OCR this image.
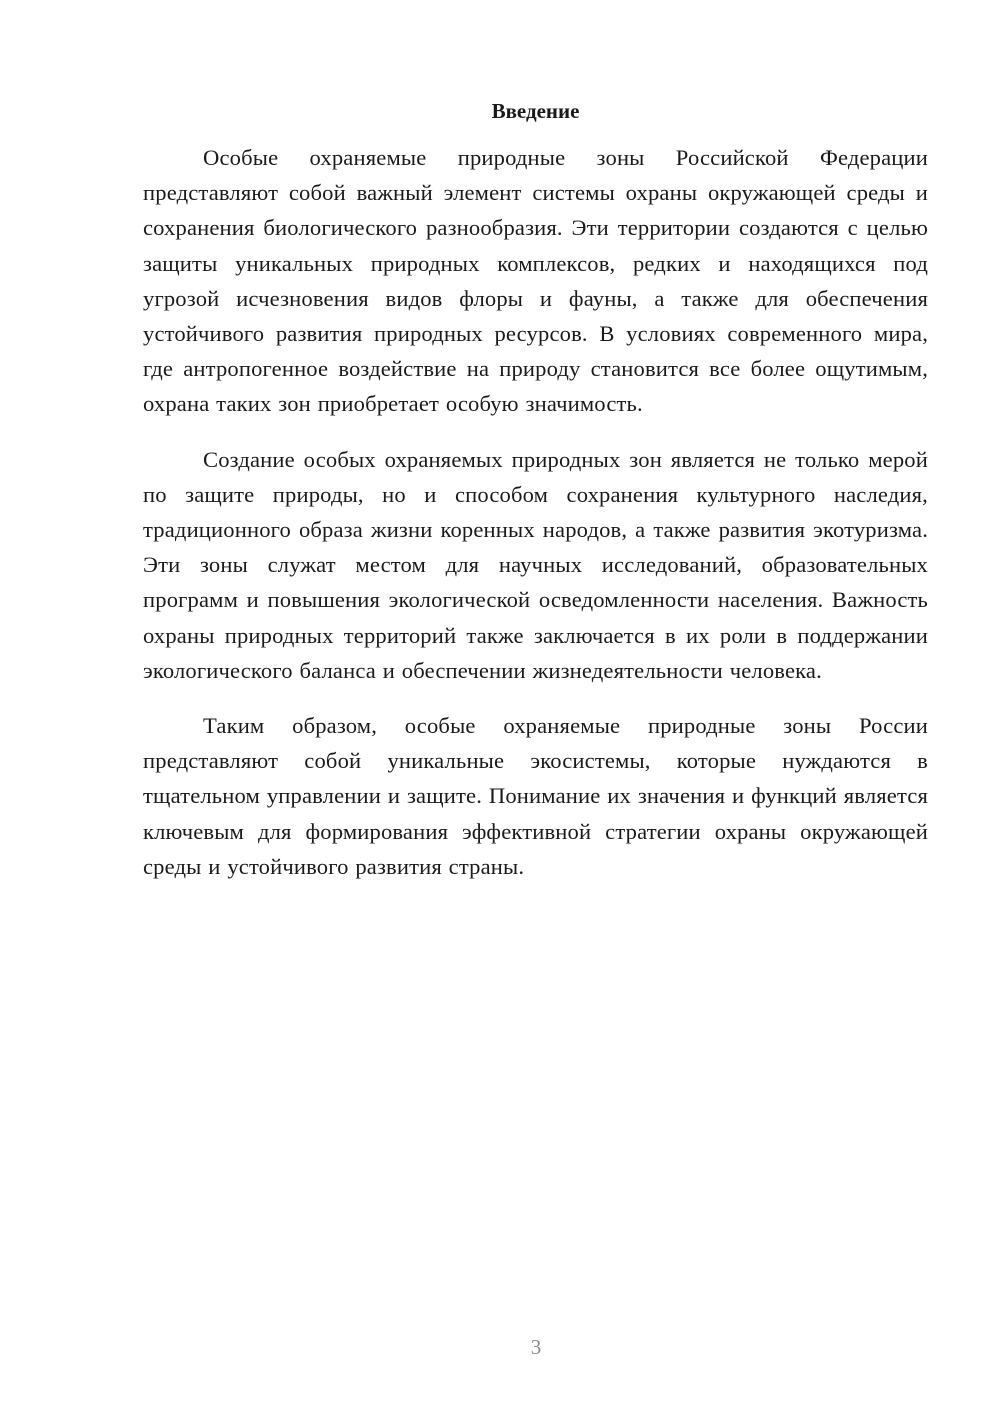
Введение

Особые охраняемые природные зоны Российской Федерации представляют собой важный элемент системы охраны окружающей среды и сохранения биологического разнообразия. Эти территории создаются с целью защиты уникальных природных комплексов, редких и находящихся под угрозой исчезновения видов флоры и фауны, а также для обеспечения устойчивого развития природных ресурсов. В условиях современного мира, где антропогенное воздействие на природу становится все более ощутимым, охрана таких зон приобретает особую значимость.

Создание особых охраняемых природных зон является не только мерой по защите природы, но и способом сохранения культурного наследия, традиционного образа жизни коренных народов, а также развития экотуризма. Эти зоны служат местом для научных исследований, образовательных программ и повышения экологической осведомленности населения. Важность охраны природных территорий также заключается в их роли в поддержании экологического баланса и обеспечении жизнедеятельности человека.

Таким образом, особые охраняемые природные зоны России представляют собой уникальные экосистемы, которые нуждаются в тщательном управлении и защите. Понимание их значения и функций является ключевым для формирования эффективной стратегии охраны окружающей среды и устойчивого развития страны.

3
